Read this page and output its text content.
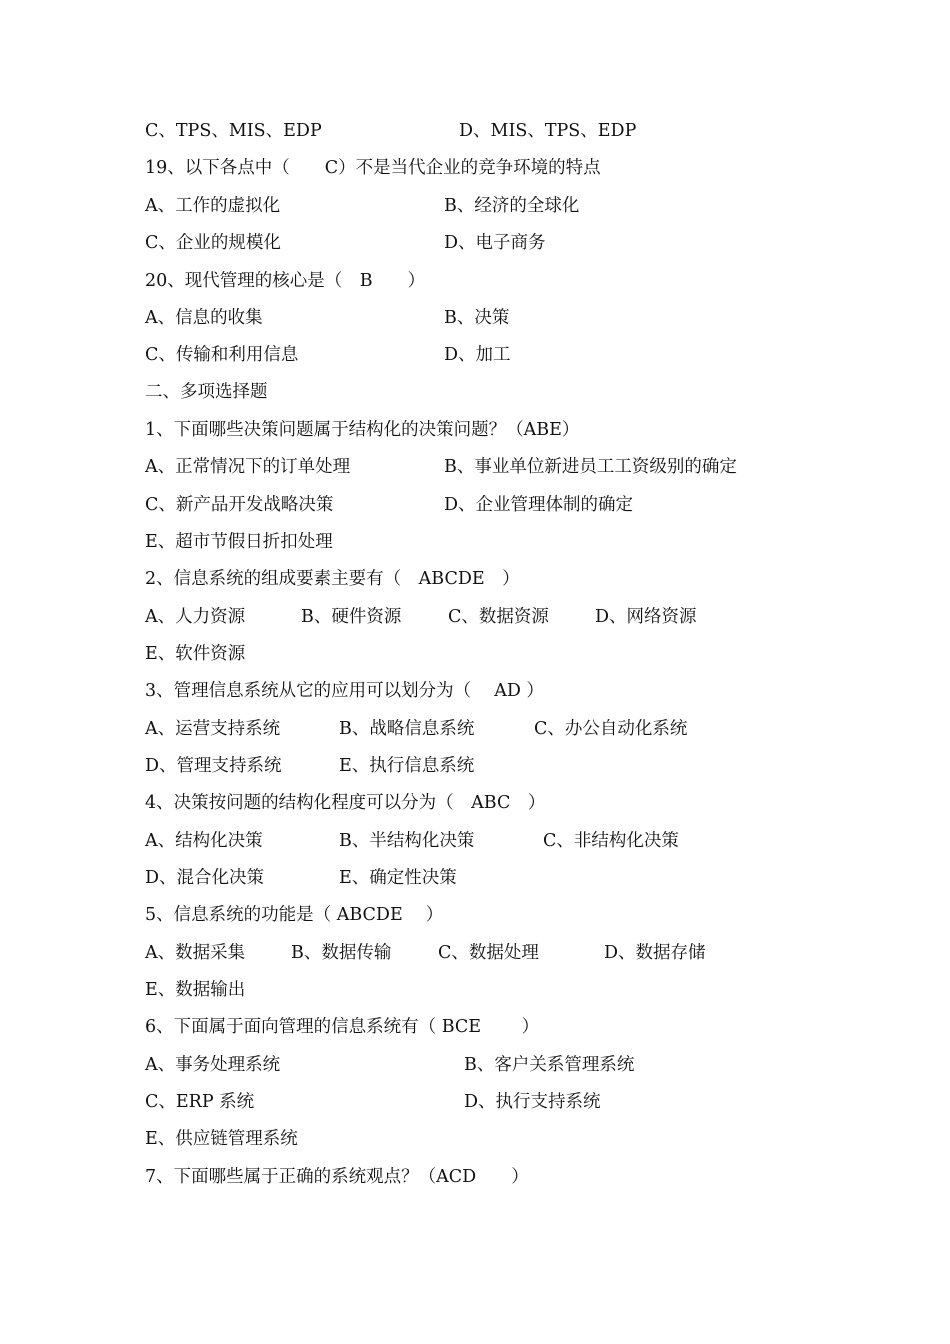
C、TPS、MIS、EDP	D、MIS、TPS、EDP
19、以下各点中（　　C）不是当代企业的竞争环境的特点
A、工作的虚拟化	B、经济的全球化
C、企业的规模化	D、电子商务
20、现代管理的核心是（　B　　）
A、信息的收集	B、决策
C、传输和利用信息	D、加工
二、多项选择题
1、下面哪些决策问题属于结构化的决策问题？（ABE）
A、正常情况下的订单处理	B、事业单位新进员工工资级别的确定
C、新产品开发战略决策	D、企业管理体制的确定
E、超市节假日折扣处理
2、信息系统的组成要素主要有（　ABCDE　）
A、人力资源	B、硬件资源	C、数据资源	D、网络资源
E、软件资源
3、管理信息系统从它的应用可以划分为（　 AD ）
A、运营支持系统	B、战略信息系统	C、办公自动化系统
D、管理支持系统	E、执行信息系统
4、决策按问题的结构化程度可以分为（　ABC　）
A、结构化决策	B、半结构化决策	C、非结构化决策
D、混合化决策	E、确定性决策
5、信息系统的功能是（ ABCDE　 ）
A、数据采集	B、数据传输	C、数据处理	D、数据存储
E、数据输出
6、下面属于面向管理的信息系统有（ BCE　　 ）
A、事务处理系统	B、客户关系管理系统
C、ERP 系统	D、执行支持系统
E、供应链管理系统
7、下面哪些属于正确的系统观点？（ACD　　）
